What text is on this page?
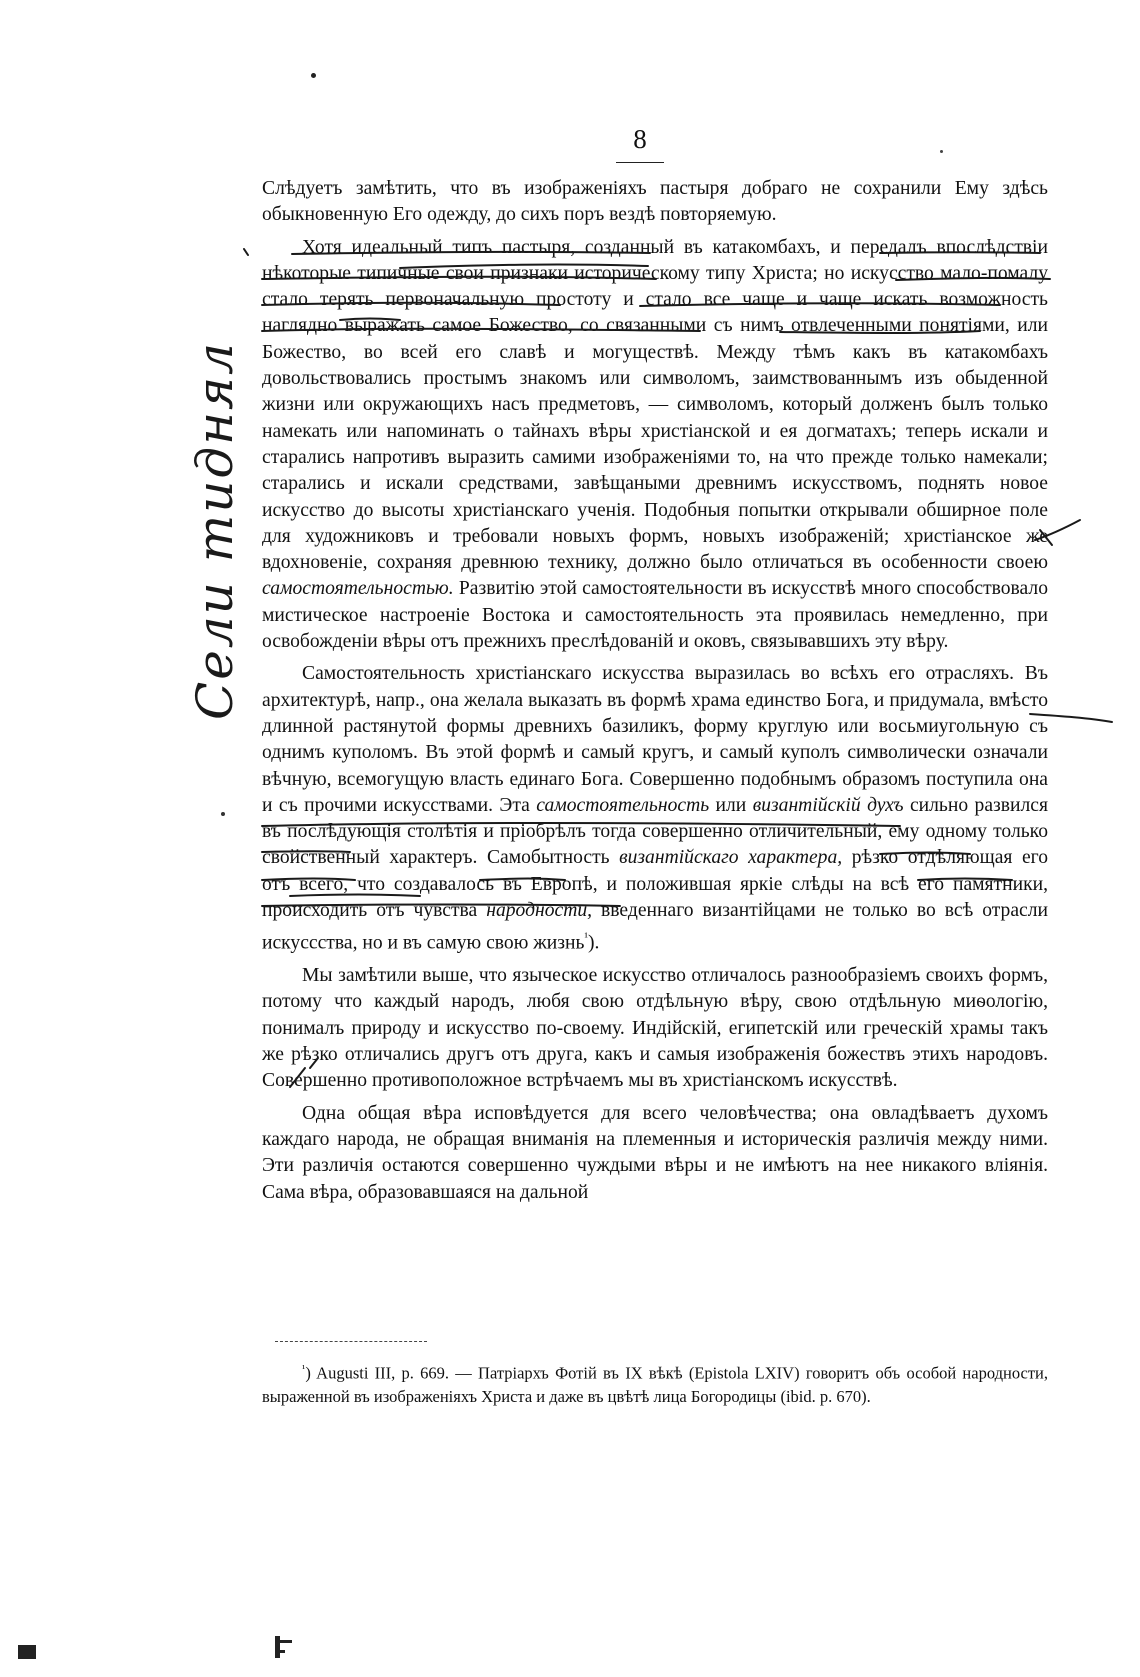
8
Сели тиднял

Слѣдуетъ замѣтить, что въ изображеніяхъ пастыря добраго не сохранили Ему здѣсь обыкновенную Его одежду, до сихъ поръ вездѣ повторяемую.

Хотя идеальный типъ пастыря, созданный въ катакомбахъ, и передалъ впослѣдствіи нѣкоторые типичные свои признаки историческому типу Христа; но искусство мало-помалу стало терять первоначальную простоту и стало все чаще и чаще искать возможность наглядно выражать самое Божество, со связанными съ нимъ отвлеченными понятіями, или Божество, во всей его славѣ и могуществѣ. Между тѣмъ какъ въ катакомбахъ довольствовались простымъ знакомъ или символомъ, заимствованнымъ изъ обыденной жизни или окружающихъ насъ предметовъ, — символомъ, который долженъ былъ только намекать или напоминать о тайнахъ вѣры христіанской и ея догматахъ; теперь искали и старались напротивъ выразить самими изображеніями то, на что прежде только намекали; старались и искали средствами, завѣщаными древнимъ искусствомъ, поднять новое искусство до высоты христіанскаго ученія. Подобныя попытки открывали обширное поле для художниковъ и требовали новыхъ формъ, новыхъ изображеній; христіанское же вдохновеніе, сохраняя древнюю технику, должно было отличаться въ особенности своею самостоятельностью. Развитію этой самостоятельности въ искусствѣ много способствовало мистическое настроеніе Востока и самостоятельность эта проявилась немедленно, при освобожденіи вѣры отъ прежнихъ преслѣдованій и оковъ, связывавшихъ эту вѣру.

Самостоятельность христіанскаго искусства выразилась во всѣхъ его отрасляхъ. Въ архитектурѣ, напр., она желала выказать въ формѣ храма единство Бога, и придумала, вмѣсто длинной растянутой формы древнихъ базиликъ, форму круглую или восьмиугольную съ однимъ куполомъ. Въ этой формѣ и самый кругъ, и самый куполъ символически означали вѣчную, всемогущую власть единаго Бога. Совершенно подобнымъ образомъ поступила она и съ прочими искусствами. Эта самостоятельность или византійскій духъ сильно развился въ послѣдующія столѣтія и пріобрѣлъ тогда совершенно отличительный, ему одному только свойственный характеръ. Самобытность византійскаго характера, рѣзко отдѣляющая его отъ всего, что создавалось въ Европѣ, и положившая яркіе слѣды на всѣ его памятники, происходить отъ чувства народности, введеннаго византійцами не только во всѣ отрасли искусcства, но и въ самую свою жизнь$^{^1}$).

Мы замѣтили выше, что языческое искусство отличалось разнообразіемъ своихъ формъ, потому что каждый народъ, любя свою отдѣльную вѣру, свою отдѣльную миѳологію, понималъ природу и искусство по-своему. Индійскій, египетскій или греческій храмы такъ же рѣзко отличались другъ отъ друга, какъ и самыя изображенія божествъ этихъ народовъ. Совершенно противоположное встрѣчаемъ мы въ христіанскомъ искусствѣ.

Одна общая вѣра исповѣдуется для всего человѣчества; она овладѣваетъ духомъ каждаго народа, не обращая вниманія на племенныя и историческія различія между ними. Эти различія остаются совершенно чуждыми вѣры и не имѣютъ на нее никакого вліянія. Сама вѣра, образовавшаяся на дальной

$^{^1}$) Augusti III, p. 669. — Патріархъ Фотій въ IX вѣкѣ (Epistola LXIV) говоритъ объ особой народности, выраженной въ изображеніяхъ Христа и даже въ цвѣтѣ лица Богородицы (ibid. p. 670).
